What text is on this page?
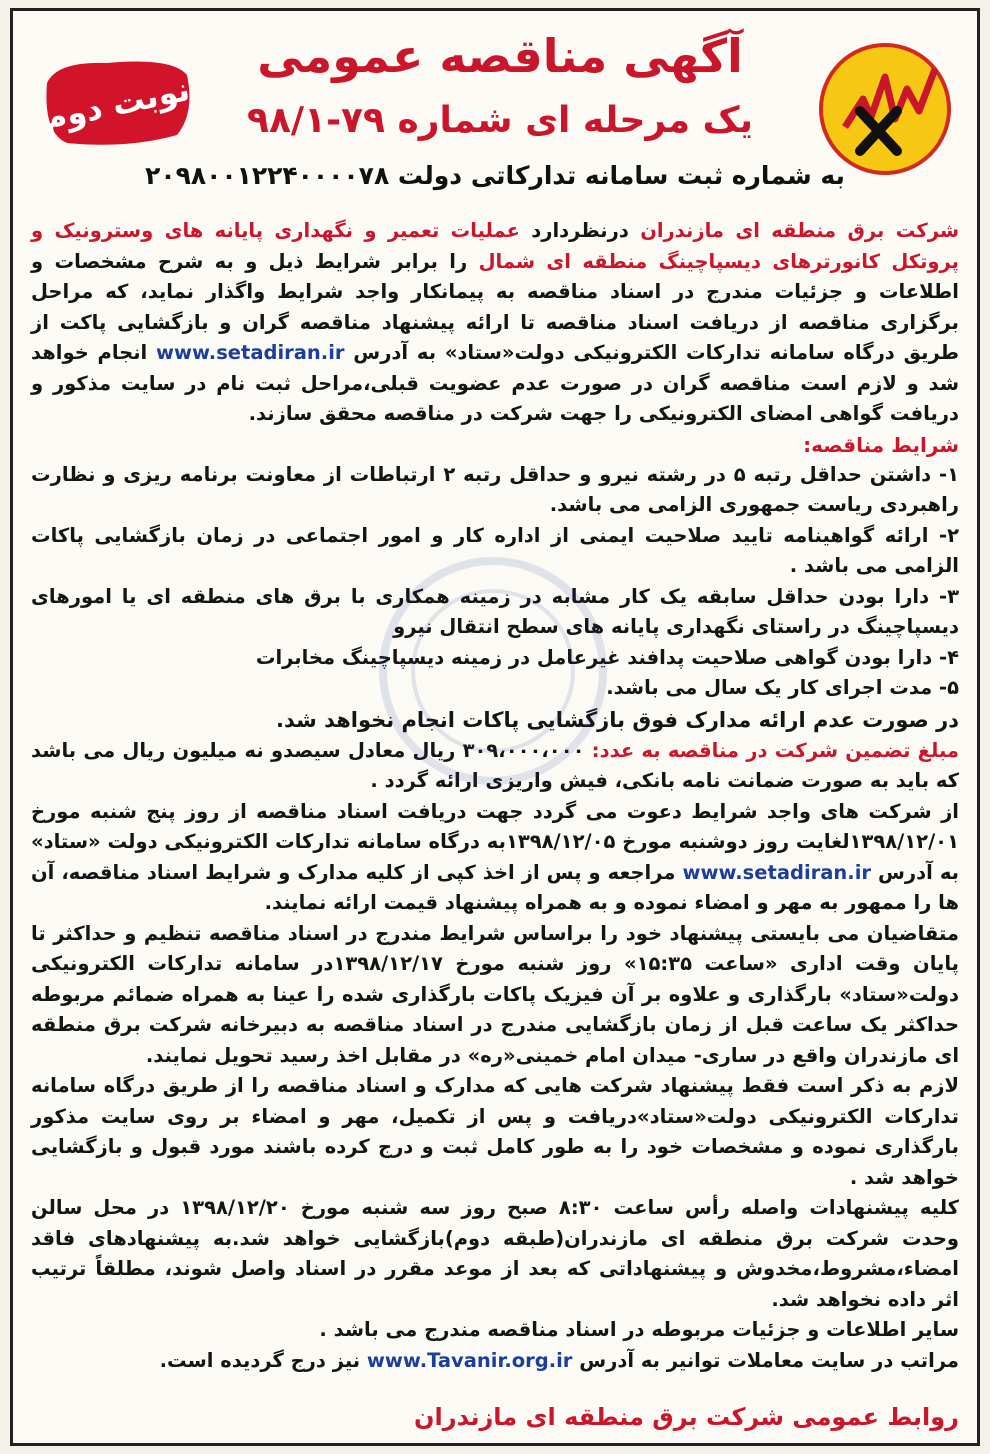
آگهی مناقصه عمومی
یک مرحله ای شماره ۷۹-۹۸/۱
به شماره ثبت سامانه تدارکاتی دولت ۲۰۹۸۰۰۱۲۲۴۰۰۰۰۷۸
نوبت دوم

شرکت برق منطقه ای مازندران درنظردارد عملیات تعمیر و نگهداری پایانه های وسترونیک و پروتکل کانورترهای دیسپاچینگ منطقه ای شمال را برابر شرایط ذیل و به شرح مشخصات و اطلاعات و جزئیات مندرج در اسناد مناقصه به پیمانکار واجد شرایط واگذار نماید، که مراحل برگزاری مناقصه از دریافت اسناد مناقصه تا ارائه پیشنهاد مناقصه گران و بازگشایی پاکت از طریق درگاه سامانه تدارکات الکترونیکی دولت«ستاد» به آدرس www.setadiran.ir انجام خواهد شد و لازم است مناقصه گران در صورت عدم عضویت قبلی،مراحل ثبت نام در سایت مذکور و دریافت گواهی امضای الکترونیکی را جهت شرکت در مناقصه محقق سازند.

شرایط مناقصه:

۱- داشتن حداقل رتبه ۵ در رشته نیرو و حداقل رتبه ۲ ارتباطات از معاونت برنامه ریزی و نظارت راهبردی ریاست جمهوری الزامی می باشد.

۲- ارائه گواهینامه تایید صلاحیت ایمنی از اداره کار و امور اجتماعی در زمان بازگشایی پاکات الزامی می باشد .

۳- دارا بودن حداقل سابقه یک کار مشابه در زمینه همکاری با برق های منطقه ای یا امورهای دیسپاچینگ در راستای نگهداری پایانه های سطح انتقال نیرو

۴- دارا بودن گواهی صلاحیت پدافند غیرعامل در زمینه دیسپاچینگ مخابرات

۵- مدت اجرای کار یک سال می باشد.

در صورت عدم ارائه مدارک فوق بازگشایی پاکات انجام نخواهد شد.

مبلغ تضمین شرکت در مناقصه به عدد: ۳۰۹،۰۰۰،۰۰۰ ریال معادل سیصدو نه میلیون ریال می باشد که باید به صورت ضمانت نامه بانکی، فیش واریزی ارائه گردد .

از شرکت های واجد شرایط دعوت می گردد جهت دریافت اسناد مناقصه از روز پنج شنبه مورخ ۱۳۹۸/۱۲/۰۱لغایت روز دوشنبه مورخ ۱۳۹۸/۱۲/۰۵به درگاه سامانه تدارکات الکترونیکی دولت «ستاد» به آدرس www.setadiran.ir مراجعه و پس از اخذ کپی از کلیه مدارک و شرایط اسناد مناقصه، آن ها را ممهور به مهر و امضاء نموده و به همراه پیشنهاد قیمت ارائه نمایند.

متقاضیان می بایستی پیشنهاد خود را براساس شرایط مندرج در اسناد مناقصه تنظیم و حداکثر تا پایان وقت اداری «ساعت ۱۵:۳۵» روز شنبه مورخ ۱۳۹۸/۱۲/۱۷در سامانه تدارکات الکترونیکی دولت«ستاد» بارگذاری و علاوه بر آن فیزیک پاکات بارگذاری شده را عینا به همراه ضمائم مربوطه حداکثر یک ساعت قبل از زمان بازگشایی مندرج در اسناد مناقصه به دبیرخانه شرکت برق منطقه ای مازندران واقع در ساری- میدان امام خمینی«ره» در مقابل اخذ رسید تحویل نمایند.

لازم به ذکر است فقط پیشنهاد شرکت هایی که مدارک و اسناد مناقصه را از طریق درگاه سامانه تدارکات الکترونیکی دولت«ستاد»دریافت و پس از تکمیل، مهر و امضاء بر روی سایت مذکور بارگذاری نموده و مشخصات خود را به طور کامل ثبت و درج کرده باشند مورد قبول و بازگشایی خواهد شد .

کلیه پیشنهادات واصله رأس ساعت ۸:۳۰ صبح روز سه شنبه مورخ ۱۳۹۸/۱۲/۲۰ در محل سالن وحدت شرکت برق منطقه ای مازندران(طبقه دوم)بازگشایی خواهد شد.به پیشنهادهای فاقد امضاء،مشروط،مخدوش و پیشنهاداتی که بعد از موعد مقرر در اسناد واصل شوند، مطلقاً ترتیب اثر داده نخواهد شد.

سایر اطلاعات و جزئیات مربوطه در اسناد مناقصه مندرج می باشد .

مراتب در سایت معاملات توانیر به آدرس www.Tavanir.org.ir نیز درج گردیده است.

روابط عمومی شرکت برق منطقه ای مازندران
